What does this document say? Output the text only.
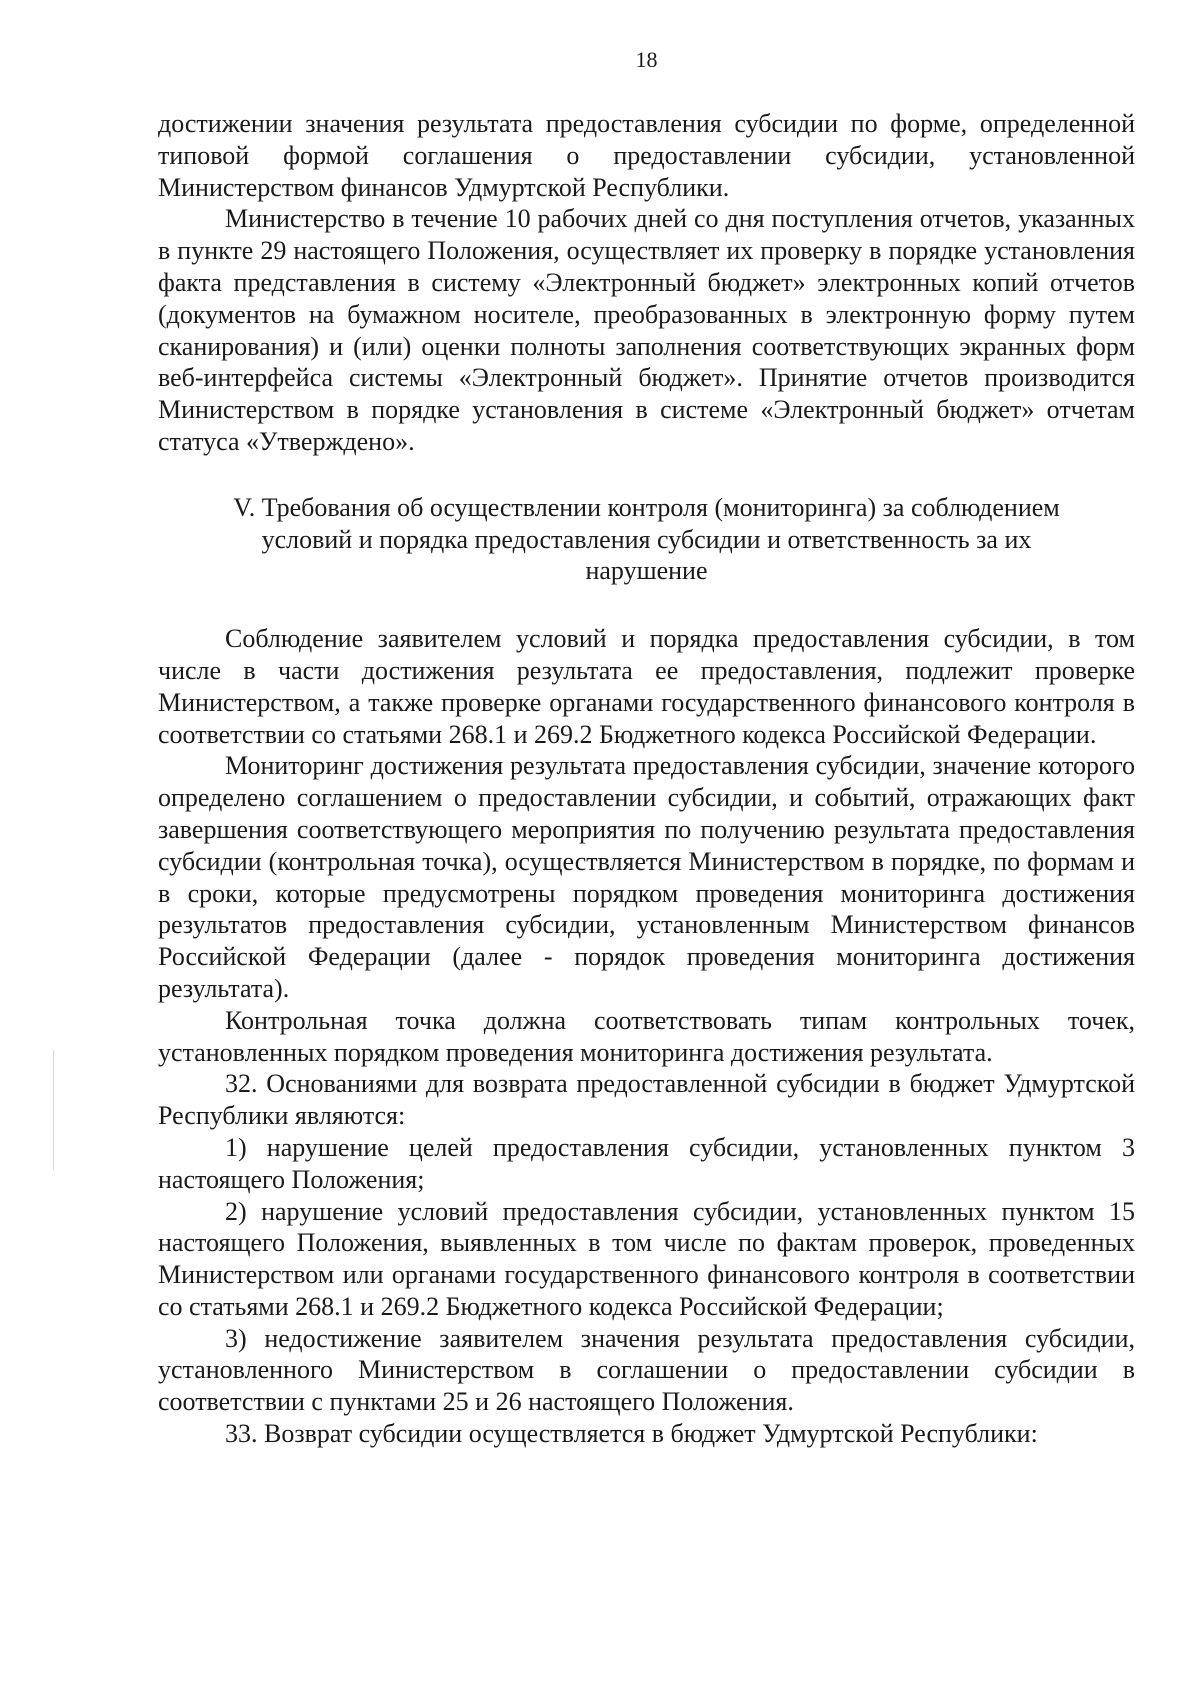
18

достижении значения результата предоставления субсидии по форме, определенной типовой формой соглашения о предоставлении субсидии, установленной Министерством финансов Удмуртской Республики.

Министерство в течение 10 рабочих дней со дня поступления отчетов, указанных в пункте 29 настоящего Положения, осуществляет их проверку в порядке установления факта представления в систему «Электронный бюджет» электронных копий отчетов (документов на бумажном носителе, преобразованных в электронную форму путем сканирования) и (или) оценки полноты заполнения соответствующих экранных форм веб-интерфейса системы «Электронный бюджет». Принятие отчетов производится Министерством в порядке установления в системе «Электронный бюджет» отчетам статуса «Утверждено».

V. Требования об осуществлении контроля (мониторинга) за соблюдением условий и порядка предоставления субсидии и ответственность за их нарушение

Соблюдение заявителем условий и порядка предоставления субсидии, в том числе в части достижения результата ее предоставления, подлежит проверке Министерством, а также проверке органами государственного финансового контроля в соответствии со статьями 268.1 и 269.2 Бюджетного кодекса Российской Федерации.

Мониторинг достижения результата предоставления субсидии, значение которого определено соглашением о предоставлении субсидии, и событий, отражающих факт завершения соответствующего мероприятия по получению результата предоставления субсидии (контрольная точка), осуществляется Министерством в порядке, по формам и в сроки, которые предусмотрены порядком проведения мониторинга достижения результатов предоставления субсидии, установленным Министерством финансов Российской Федерации (далее - порядок проведения мониторинга достижения результата).

Контрольная точка должна соответствовать типам контрольных точек, установленных порядком проведения мониторинга достижения результата.

32. Основаниями для возврата предоставленной субсидии в бюджет Удмуртской Республики являются:

1) нарушение целей предоставления субсидии, установленных пунктом 3 настоящего Положения;

2) нарушение условий предоставления субсидии, установленных пунктом 15 настоящего Положения, выявленных в том числе по фактам проверок, проведенных Министерством или органами государственного финансового контроля в соответствии со статьями 268.1 и 269.2 Бюджетного кодекса Российской Федерации;

3) недостижение заявителем значения результата предоставления субсидии, установленного Министерством в соглашении о предоставлении субсидии в соответствии с пунктами 25 и 26 настоящего Положения.

33. Возврат субсидии осуществляется в бюджет Удмуртской Республики:
